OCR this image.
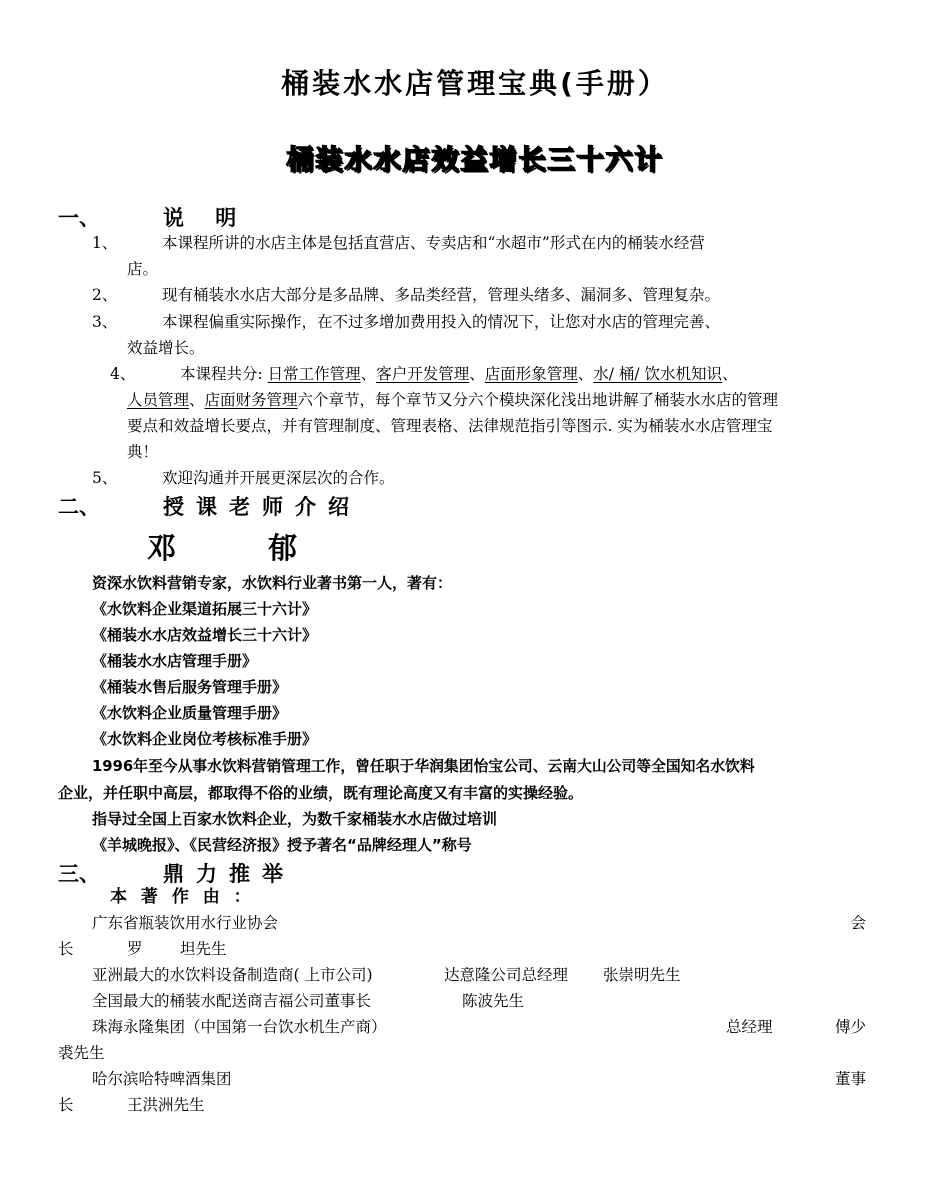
桶装水水店管理宝典(手册）
桶装水水店效益增长三十六计
一、	说 明
1、	本课程所讲的水店主体是包括直营店、专卖店和“水超市”形式在内的桶装水经营
店。
2、	现有桶装水水店大部分是多品牌、多品类经营，管理头绪多、漏洞多、管理复杂。
3、	本课程偏重实际操作，在不过多增加费用投入的情况下，让您对水店的管理完善、
效益增长。
4、	本课程共分: 日常工作管理、客户开发管理、店面形象管理、水/ 桶/ 饮水机知识、
人员管理、店面财务管理六个章节，每个章节又分六个模块深化浅出地讲解了桶装水水店的管理
要点和效益增长要点，并有管理制度、管理表格、法律规范指引等图示. 实为桶装水水店管理宝
典！
5、	欢迎沟通并开展更深层次的合作。
二、	授课老师介绍
邓	郁
资深水饮料营销专家，水饮料行业著书第一人，著有：
《水饮料企业渠道拓展三十六计》
《桶装水水店效益增长三十六计》
《桶装水水店管理手册》
《桶装水售后服务管理手册》
《水饮料企业质量管理手册》
《水饮料企业岗位考核标准手册》
1996年至今从事水饮料营销管理工作，曾任职于华润集团怡宝公司、云南大山公司等全国知名水饮料
企业，并任职中高层，都取得不俗的业绩，既有理论高度又有丰富的实操经验。
指导过全国上百家水饮料企业，为数千家桶装水水店做过培训
《羊城晚报》、《民营经济报》授予著名“品牌经理人”称号
三、	鼎力推举
本 著 作 由 ：
广东省瓶装饮用水行业协会	会
长	罗 坦先生
亚洲最大的水饮料设备制造商( 上市公司)	达意隆公司总经理 张崇明先生
全国最大的桶装水配送商吉福公司董事长	陈波先生
珠海永隆集团（中国第一台饮水机生产商）	总经理	傅少
裘先生
哈尔滨哈特啤酒集团	董事
长	王洪洲先生
